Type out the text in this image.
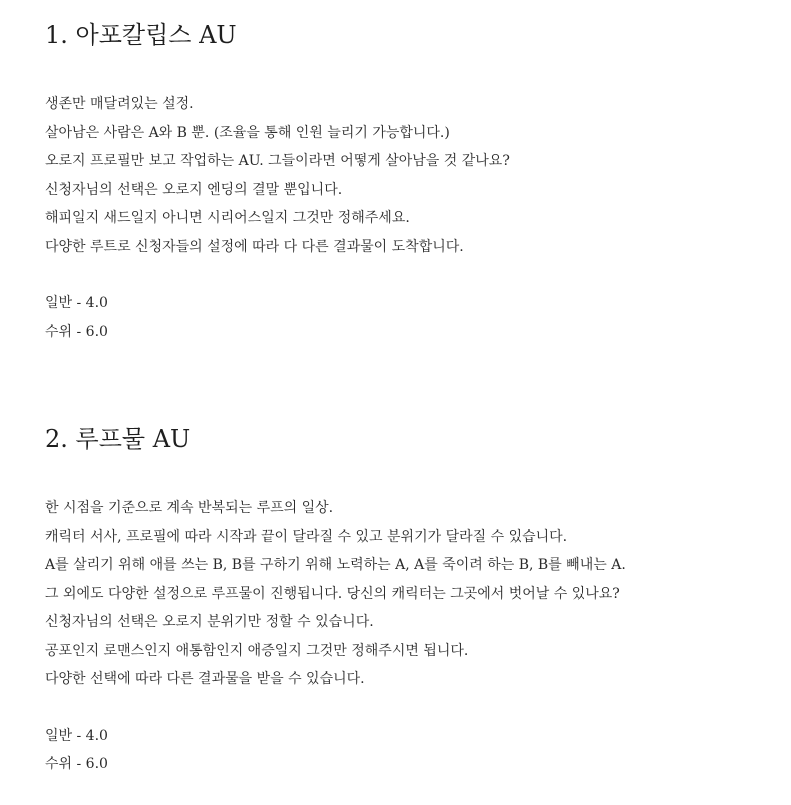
1. 아포칼립스 AU
생존만 매달려있는 설정.
살아남은 사람은 A와 B 뿐. (조율을 통해 인원 늘리기 가능합니다.)
오로지 프로필만 보고 작업하는 AU. 그들이라면 어떻게 살아남을 것 같나요?
신청자님의 선택은 오로지 엔딩의 결말 뿐입니다.
해피일지 새드일지 아니면 시리어스일지 그것만 정해주세요.
다양한 루트로 신청자들의 설정에 따라 다 다른 결과물이 도착합니다.
일반 - 4.0
수위 - 6.0
2. 루프물 AU
한 시점을 기준으로 계속 반복되는 루프의 일상.
캐릭터 서사, 프로필에 따라 시작과 끝이 달라질 수 있고 분위기가 달라질 수 있습니다.
A를 살리기 위해 애를 쓰는 B, B를 구하기 위해 노력하는 A, A를 죽이려 하는 B, B를 빼내는 A.
그 외에도 다양한 설정으로 루프물이 진행됩니다. 당신의 캐릭터는 그곳에서 벗어날 수 있나요?
신청자님의 선택은 오로지 분위기만 정할 수 있습니다.
공포인지 로맨스인지 애통함인지 애증일지 그것만 정해주시면 됩니다.
다양한 선택에 따라 다른 결과물을 받을 수 있습니다.
일반 - 4.0
수위 - 6.0
